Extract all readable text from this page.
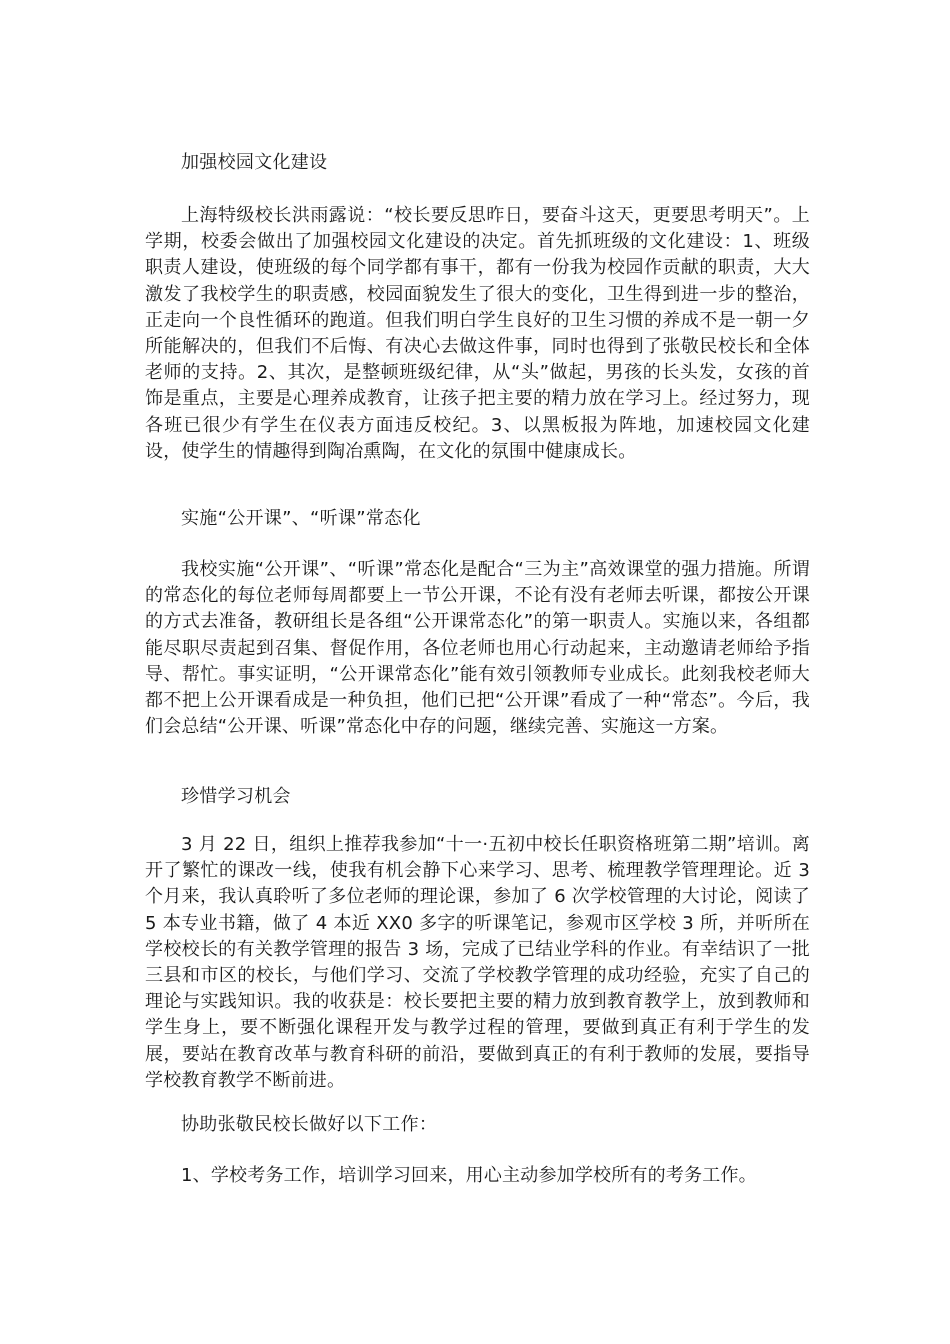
加强校园文化建设

上海特级校长洪雨露说：“校长要反思昨日，要奋斗这天，更要思考明天”。上学期，校委会做出了加强校园文化建设的决定。首先抓班级的文化建设：1、班级职责人建设，使班级的每个同学都有事干，都有一份我为校园作贡献的职责，大大激发了我校学生的职责感，校园面貌发生了很大的变化，卫生得到进一步的整治，正走向一个良性循环的跑道。但我们明白学生良好的卫生习惯的养成不是一朝一夕所能解决的，但我们不后悔、有决心去做这件事，同时也得到了张敬民校长和全体老师的支持。2、其次，是整顿班级纪律，从“头”做起，男孩的长头发，女孩的首饰是重点，主要是心理养成教育，让孩子把主要的精力放在学习上。经过努力，现各班已很少有学生在仪表方面违反校纪。3、以黑板报为阵地，加速校园文化建设，使学生的情趣得到陶冶熏陶，在文化的氛围中健康成长。

实施“公开课”、“听课”常态化

我校实施“公开课”、“听课”常态化是配合“三为主”高效课堂的强力措施。所谓的常态化的每位老师每周都要上一节公开课，不论有没有老师去听课，都按公开课的方式去准备，教研组长是各组“公开课常态化”的第一职责人。实施以来，各组都能尽职尽责起到召集、督促作用，各位老师也用心行动起来，主动邀请老师给予指导、帮忙。事实证明，“公开课常态化”能有效引领教师专业成长。此刻我校老师大都不把上公开课看成是一种负担，他们已把“公开课”看成了一种“常态”。今后，我们会总结“公开课、听课”常态化中存的问题，继续完善、实施这一方案。

珍惜学习机会

3 月 22 日，组织上推荐我参加“十一·五初中校长任职资格班第二期”培训。离开了繁忙的课改一线，使我有机会静下心来学习、思考、梳理教学管理理论。近 3 个月来，我认真聆听了多位老师的理论课，参加了 6 次学校管理的大讨论，阅读了 5 本专业书籍，做了 4 本近 XX0 多字的听课笔记，参观市区学校 3 所，并听所在学校校长的有关教学管理的报告 3 场，完成了已结业学科的作业。有幸结识了一批三县和市区的校长，与他们学习、交流了学校教学管理的成功经验，充实了自己的理论与实践知识。我的收获是：校长要把主要的精力放到教育教学上，放到教师和学生身上，要不断强化课程开发与教学过程的管理，要做到真正有利于学生的发展，要站在教育改革与教育科研的前沿，要做到真正的有利于教师的发展，要指导学校教育教学不断前进。

协助张敬民校长做好以下工作：

1、学校考务工作，培训学习回来，用心主动参加学校所有的考务工作。
